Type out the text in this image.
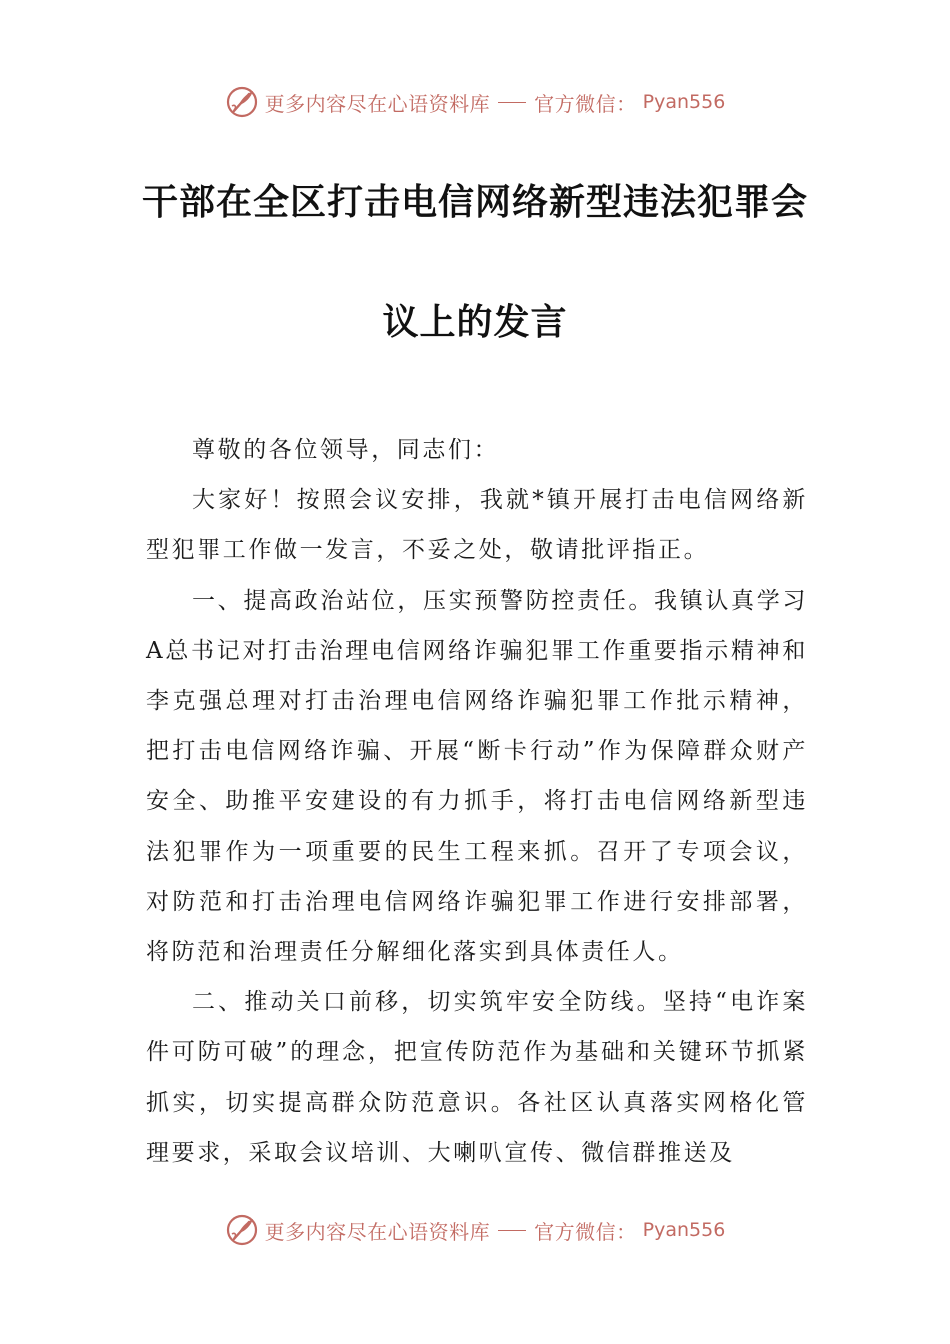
更多内容尽在心语资料库 官方微信： Pyan556
干部在全区打击电信网络新型违法犯罪会
议上的发言

尊敬的各位领导，同志们：

大家好！按照会议安排，我就*镇开展打击电信网络新型犯罪工作做一发言，不妥之处，敬请批评指正。

一、提高政治站位，压实预警防控责任。我镇认真学习A总书记对打击治理电信网络诈骗犯罪工作重要指示精神和李克强总理对打击治理电信网络诈骗犯罪工作批示精神，把打击电信网络诈骗、开展“断卡行动”作为保障群众财产安全、助推平安建设的有力抓手，将打击电信网络新型违法犯罪作为一项重要的民生工程来抓。召开了专项会议，对防范和打击治理电信网络诈骗犯罪工作进行安排部署，将防范和治理责任分解细化落实到具体责任人。

二、推动关口前移，切实筑牢安全防线。坚持“电诈案件可防可破”的理念，把宣传防范作为基础和关键环节抓紧抓实，切实提高群众防范意识。各社区认真落实网格化管理要求，采取会议培训、大喇叭宣传、微信群推送及

更多内容尽在心语资料库 官方微信： Pyan556
